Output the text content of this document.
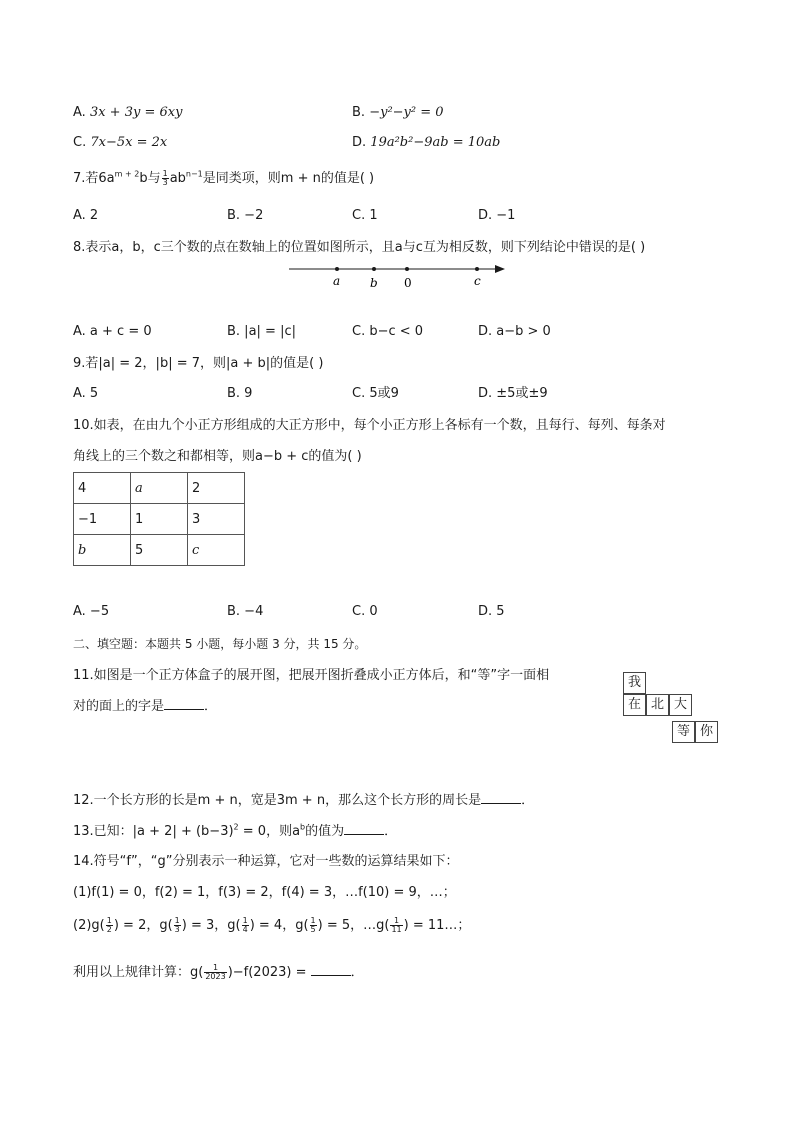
A. 3x + 3y = 6xy	B. −y²−y² = 0
C. 7x−5x = 2x	D. 19a²b²−9ab = 10ab
7.若$6a^{m + 2}b$与 $\frac{1}{3} ab^{n-1}$是同类项，则m + n的值是( )
A. 2	B. −2	C. 1	D. −1
8.表示a，b，c三个数的点在数轴上的位置如图所示，且a与c互为相反数，则下列结论中错误的是( )
a b 0	c
A. a + c = 0	B. |a| = |c|	C. b−c < 0	D. a−b > 0
9.若|a| = 2，|b| = 7，则|a + b|的值是( )
A. 5	B. 9	C. 5或9	D. ±5或±9
10.如表，在由九个小正方形组成的大正方形中，每个小正方形上各标有一个数，且每行、每列、每条对
角线上的三个数之和都相等，则a−b + c的值为( )
4	a	2
−1	1	3
b	5	c
A. −5	B. −4	C. 0	D. 5
二、填空题：本题共 5 小题，每小题 3 分，共 15 分。
11.如图是一个正方体盒子的展开图，把展开图折叠成小正方体后，和“等”字一面相
对的面上的字是	．
我
在 北 大
等 你
12.一个长方形的长是m + n，宽是3m + n，那么这个长方形的周长是	．
13.已知：$|a + 2| + (b-3)^2 = 0$，则$a^b$的值为	．
14.符号“f”，“g”分别表示一种运算，它对一些数的运算结果如下：
(1)f(1) = 0，f(2) = 1，f(3) = 2，f(4) = 3，…f(10) = 9，…；
$(2)g( \frac{1}{2}$ ) = 2，$g( \frac{1}{3}$ ) = 3，$g( \frac{1}{4}$ ) = 4，$g( \frac{1}{5}$ ) = 5，…g( $\frac{1}{11}$ ) = 11…；
利用以上规律计算：$g( \frac{1}{2023} )-f(2023)$ =	．
